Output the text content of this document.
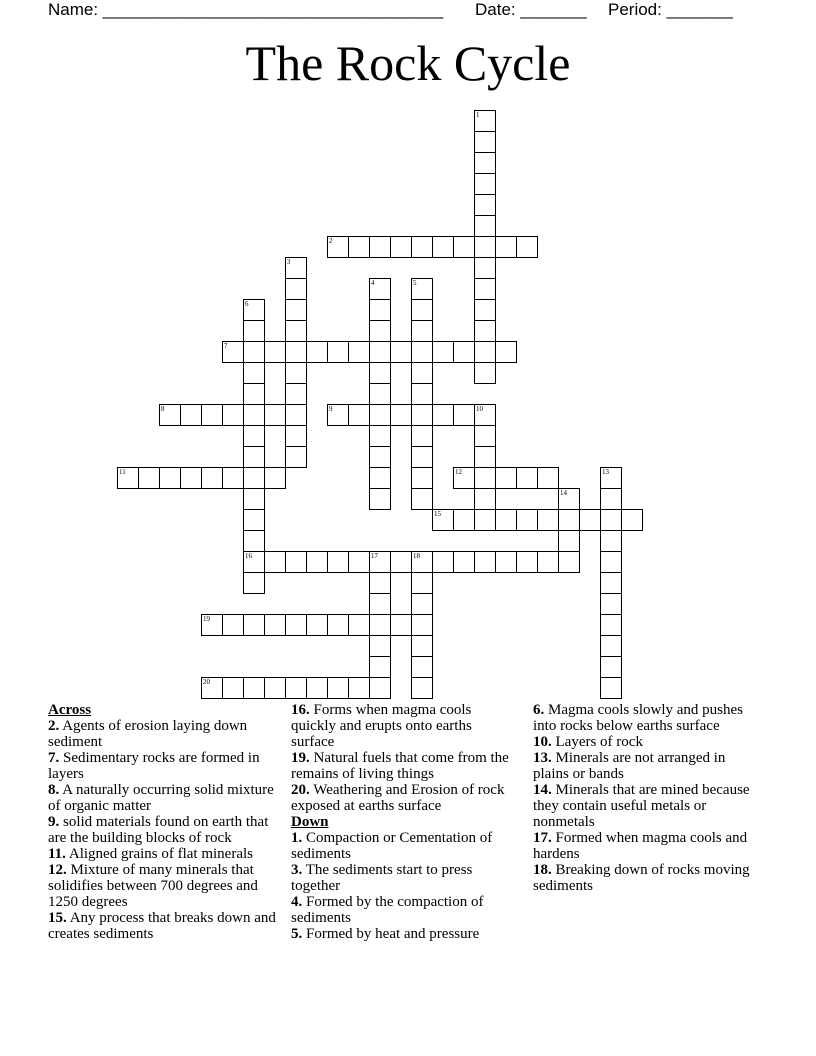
Name: ____________________________________ Date: _______ Period: _______
The Rock Cycle
1
2
3
4	5
6
7
8	9	10
11	12	13
14
15
16	17	18
19
20
Across
2. Agents of erosion laying down sediment
7. Sedimentary rocks are formed in layers
8. A naturally occurring solid mixture of organic matter
9. solid materials found on earth that are the building blocks of rock
11. Aligned grains of flat minerals
12. Mixture of many minerals that solidifies between 700 degrees and 1250 degrees
15. Any process that breaks down and creates sediments
16. Forms when magma cools quickly and erupts onto earths surface
19. Natural fuels that come from the remains of living things
20. Weathering and Erosion of rock exposed at earths surface
Down
1. Compaction or Cementation of sediments
3. The sediments start to press together
4. Formed by the compaction of sediments
5. Formed by heat and pressure
6. Magma cools slowly and pushes into rocks below earths surface
10. Layers of rock
13. Minerals are not arranged in plains or bands
14. Minerals that are mined because they contain useful metals or nonmetals
17. Formed when magma cools and hardens
18. Breaking down of rocks moving sediments
